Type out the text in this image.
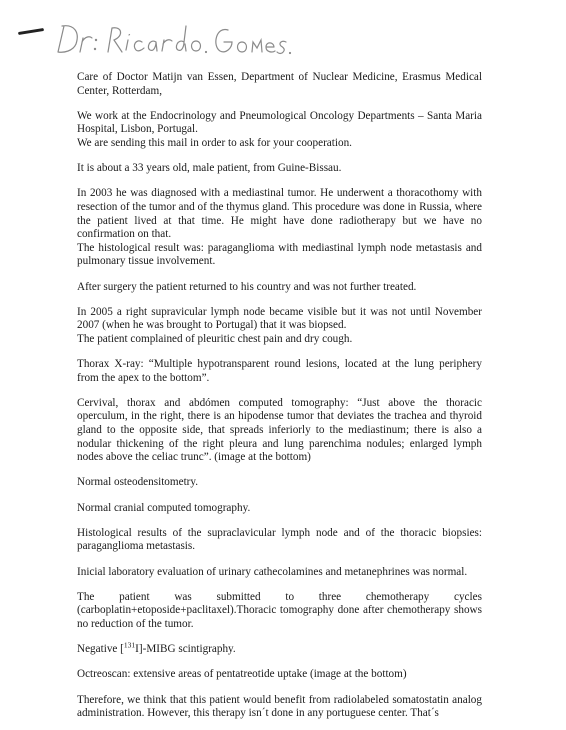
Care of Doctor Matijn van Essen, Department of Nuclear Medicine, Erasmus Medical Center, Rotterdam,

We work at the Endocrinology and Pneumological Oncology Departments – Santa Maria Hospital, Lisbon, Portugal.
We are sending this mail in order to ask for your cooperation.

It is about a 33 years old, male patient, from Guine-Bissau.

In 2003 he was diagnosed with a mediastinal tumor. He underwent a thoracothomy with resection of the tumor and of the thymus gland. This procedure was done in Russia, where the patient lived at that time. He might have done radiotherapy but we have no confirmation on that.
The histological result was: paraganglioma with mediastinal lymph node metastasis and pulmonary tissue involvement.

After surgery the patient returned to his country and was not further treated.

In 2005 a right supravicular lymph node became visible but it was not until November 2007 (when he was brought to Portugal) that it was biopsed.
The patient complained of pleuritic chest pain and dry cough.

Thorax X-ray: “Multiple hypotransparent round lesions, located at the lung periphery from the apex to the bottom”.

Cervival, thorax and abdómen computed tomography: “Just above the thoracic operculum, in the right, there is an hipodense tumor that deviates the trachea and thyroid gland to the opposite side, that spreads inferiorly to the mediastinum; there is also a nodular thickening of the right pleura and lung parenchima nodules; enlarged lymph nodes above the celiac trunc”. (image at the bottom)

Normal osteodensitometry.

Normal cranial computed tomography.

Histological results of the supraclavicular lymph node and of the thoracic biopsies: paraganglioma metastasis.

Inicial laboratory evaluation of urinary cathecolamines and metanephrines was normal.

The patient was submitted to three chemotherapy cycles
(carboplatin+etoposide+paclitaxel).Thoracic tomography done after chemotherapy shows no reduction of the tumor.

Negative [$^{131}$I]-MIBG scintigraphy.

Octreoscan: extensive areas of pentatreotide uptake (image at the bottom)

Therefore, we think that this patient would benefit from radiolabeled somatostatin analog administration. However, this therapy isn´t done in any portuguese center. That´s
